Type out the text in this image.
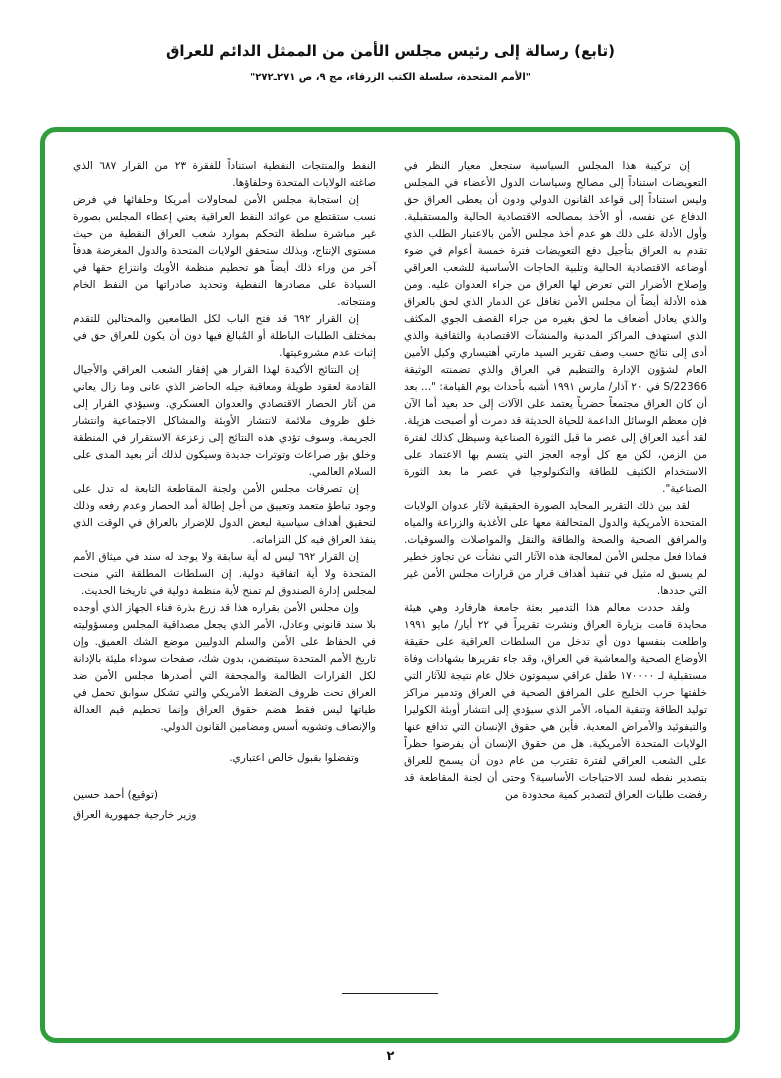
(تابع) رسالة إلى رئيس مجلس الأمن من الممثل الدائم للعراق
"الأمم المتحدة، سلسلة الكتب الزرقاء، مج ٩، ص ٢٧١ـ٢٧٢"

إن تركيبة هذا المجلس السياسية ستجعل معيار النظر في التعويضات استناداً إلى مصالح وسياسات الدول الأعضاء في المجلس وليس استناداً إلى قواعد القانون الدولي ودون أن يعطى العراق حق الدفاع عن نفسه، أو الأخذ بمصالحه الاقتصادية الحالية والمستقبلية. وأول الأدلة على ذلك هو عدم أخذ مجلس الأمن بالاعتبار الطلب الذي تقدم به العراق بتأجيل دفع التعويضات فترة خمسة أعوام في ضوء أوضاعه الاقتصادية الحالية وتلبية الحاجات الأساسية للشعب العراقي وإصلاح الأضرار التي تعرض لها العراق من جراء العدوان عليه. ومن هذه الأدلة أيضاً أن مجلس الأمن تغافل عن الدمار الذي لحق بالعراق والذي يعادل أضعاف ما لحق بغيره من جراء القصف الجوي المكثف الذي استهدف المراكز المدنية والمنشآت الاقتصادية والثقافية والذي أدى إلى نتائج حسب وصف تقرير السيد مارتي أهتيساري وكيل الأمين العام لشؤون الإدارة والتنظيم في العراق والذي تضمنته الوثيقة S/22366 في ٢٠ آذار/ مارس ١٩٩١ أشبه بأحداث يوم القيامة: "... بعد أن كان العراق مجتمعاً حضرياً يعتمد على الآلات إلى حد بعيد أما الآن فإن معظم الوسائل الداعمة للحياة الحديثة قد دمرت أو أصبحت هزيلة. لقد أعيد العراق إلى عصر ما قبل الثورة الصناعية وسيظل كذلك لفترة من الزمن، لكن مع كل أوجه العجز التي يتسم بها الاعتماد على الاستخدام الكثيف للطاقة والتكنولوجيا في عصر ما بعد الثورة الصناعية".

لقد بين ذلك التقرير المحايد الصورة الحقيقية لآثار عدوان الولايات المتحدة الأمريكية والدول المتحالفة معها على الأغذية والزراعة والمياه والمرافق الصحية والصحة والطاقة والنقل والمواصلات والسوقيات. فماذا فعل مجلس الأمن لمعالجة هذه الآثار التي نشأت عن تجاوز خطير لم يسبق له مثيل في تنفيذ أهداف قرار من قرارات مجلس الأمن غير التي حددها.

ولقد حددت معالم هذا التدمير بعثة جامعة هارفارد وهي هيئة محايدة قامت بزيارة العراق ونشرت تقريراً في ٢٢ أيار/ مايو ١٩٩١ واطلعت بنفسها دون أي تدخل من السلطات العراقية على حقيقة الأوضاع الصحية والمعاشية في العراق، وقد جاء تقريرها بشهادات وفاة مستقبلية لـ ١٧٠٠٠٠ طفل عراقي سيموتون خلال عام نتيجة للآثار التي خلفتها حرب الخليج على المرافق الصحية في العراق وتدمير مراكز توليد الطاقة وتنقية المياه، الأمر الذي سيؤدي إلى انتشار أوبئة الكوليرا والتيفوئيد والأمراض المعدية. فأين هي حقوق الإنسان التي تدافع عنها الولايات المتحدة الأمريكية. هل من حقوق الإنسان أن يفرضوا حظراً على الشعب العراقي لفترة تقترب من عام دون أن يسمح للعراق بتصدير نفطه لسد الاحتياجات الأساسية؟ وحتى أن لجنة المقاطعة قد رفضت طلبات العراق لتصدير كمية محدودة من

النفط والمنتجات النفطية استناداً للفقرة ٢٣ من القرار ٦٨٧ الذي صاغته الولايات المتحدة وحلفاؤها.

إن استجابة مجلس الأمن لمحاولات أمريكا وحلفائها في فرض نسب ستقتطع من عوائد النفط العراقية يعني إعطاء المجلس بصورة غير مباشرة سلطة التحكم بموارد شعب العراق النفطية من حيث مستوى الإنتاج، وبذلك ستحقق الولايات المتحدة والدول المغرضة هدفاً آخر من وراء ذلك أيضاً هو تحطيم منظمة الأوبك وانتزاع حقها في السيادة على مصادرها النفطية وتحديد صادراتها من النفط الخام ومنتجاته.

إن القرار ٦٩٢ قد فتح الباب لكل الطامعين والمحتالين للتقدم بمختلف الطلبات الباطلة أو المُبالغ فيها دون أن يكون للعراق حق في إثبات عدم مشروعيتها.

إن النتائج الأكيدة لهذا القرار هي إفقار الشعب العراقي والأجيال القادمة لعقود طويلة ومعاقبة جيله الحاضر الذي عانى وما زال يعاني من آثار الحصار الاقتصادي والعدوان العسكري. وسيؤدي القرار إلى خلق ظروف ملائمة لانتشار الأوبئة والمشاكل الاجتماعية وانتشار الجريمة. وسوف تؤدي هذه النتائج إلى زعزعة الاستقرار في المنطقة وخلق بؤر صراعات وتوترات جديدة وسيكون لذلك أثر بعيد المدى على السلام العالمي.

إن تصرفات مجلس الأمن ولجنة المقاطعة التابعة له تدل على وجود تباطؤ متعمد وتعييق من أجل إطالة أمد الحصار وعدم رفعه وذلك لتحقيق أهداف سياسية لبعض الدول للإضرار بالعراق في الوقت الذي ينفذ العراق فيه كل التزاماته.

إن القرار ٦٩٢ ليس له أية سابقة ولا يوجد له سند في ميثاق الأمم المتحدة ولا أية اتفاقية دولية. إن السلطات المطلقة التي منحت لمجلس إدارة الصندوق لم تمنح لأية منظمة دولية في تاريخنا الحديث.

وإن مجلس الأمن بقراره هذا قد زرع بذرة فناء الجهاز الذي أوجده بلا سند قانوني وعادل، الأمر الذي يجعل مصداقية المجلس ومسؤوليته في الحفاظ على الأمن والسلم الدوليين موضع الشك العميق. وإن تاريخ الأمم المتحدة سيتضمن، بدون شك، صفحات سوداء مليئة بالإدانة لكل القرارات الظالمة والمجحفة التي أصدرها مجلس الأمن ضد العراق تحت ظروف الضغط الأمريكي والتي تشكل سوابق تحمل في طياتها ليس فقط هضم حقوق العراق وإنما تحطيم قيم العدالة والإنصاف وتشويه أسس ومضامين القانون الدولي.

وتفضلوا بقبول خالص اعتباري.

(توقيع) أحمد حسين

وزير خارجية جمهورية العراق

٢
